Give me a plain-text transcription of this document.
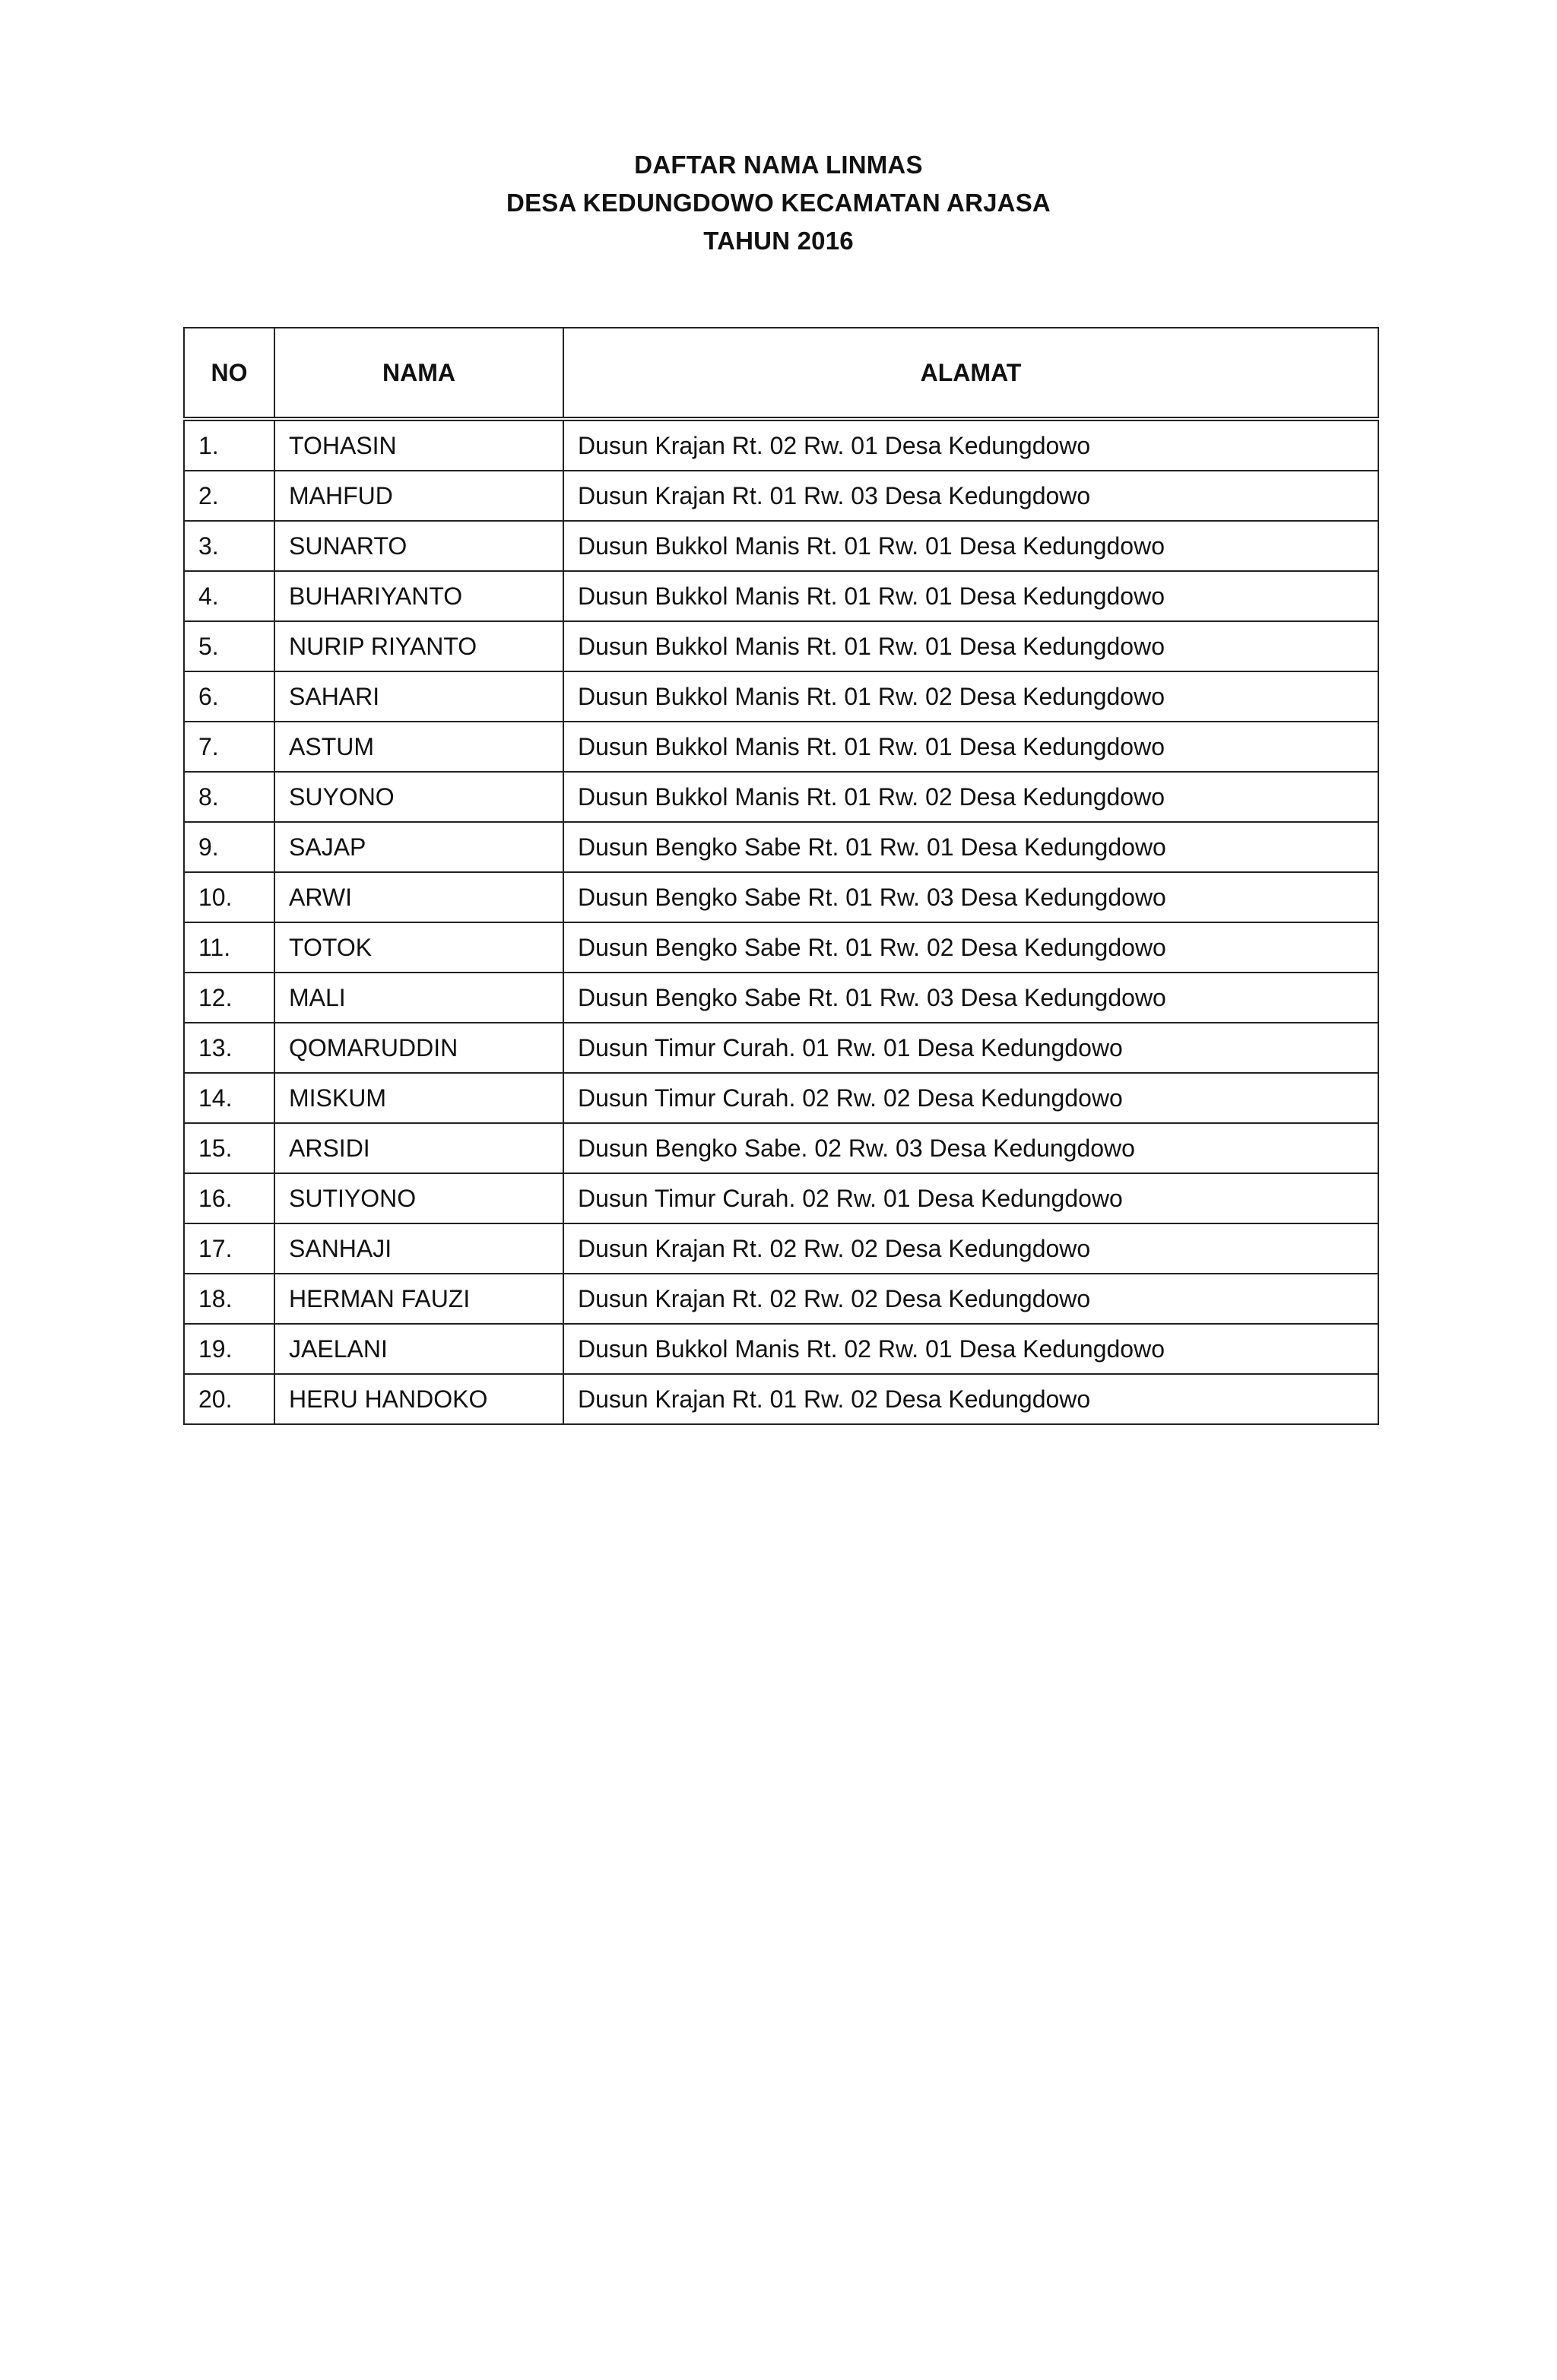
DAFTAR NAMA LINMAS
DESA KEDUNGDOWO KECAMATAN ARJASA
TAHUN 2016
NO	NAMA	ALAMAT
1.	TOHASIN	Dusun Krajan Rt. 02 Rw. 01 Desa Kedungdowo
2.	MAHFUD	Dusun Krajan Rt. 01 Rw. 03 Desa Kedungdowo
3.	SUNARTO	Dusun Bukkol Manis Rt. 01 Rw. 01 Desa Kedungdowo
4.	BUHARIYANTO	Dusun Bukkol Manis Rt. 01 Rw. 01 Desa Kedungdowo
5.	NURIP RIYANTO	Dusun Bukkol Manis Rt. 01 Rw. 01 Desa Kedungdowo
6.	SAHARI	Dusun Bukkol Manis Rt. 01 Rw. 02 Desa Kedungdowo
7.	ASTUM	Dusun Bukkol Manis Rt. 01 Rw. 01 Desa Kedungdowo
8.	SUYONO	Dusun Bukkol Manis Rt. 01 Rw. 02 Desa Kedungdowo
9.	SAJAP	Dusun Bengko Sabe Rt. 01 Rw. 01 Desa Kedungdowo
10.	ARWI	Dusun Bengko Sabe Rt. 01 Rw. 03 Desa Kedungdowo
11.	TOTOK	Dusun Bengko Sabe Rt. 01 Rw. 02 Desa Kedungdowo
12.	MALI	Dusun Bengko Sabe Rt. 01 Rw. 03 Desa Kedungdowo
13.	QOMARUDDIN	Dusun Timur Curah. 01 Rw. 01 Desa Kedungdowo
14.	MISKUM	Dusun Timur Curah. 02 Rw. 02 Desa Kedungdowo
15.	ARSIDI	Dusun Bengko Sabe. 02 Rw. 03 Desa Kedungdowo
16.	SUTIYONO	Dusun Timur Curah. 02 Rw. 01 Desa Kedungdowo
17.	SANHAJI	Dusun Krajan Rt. 02 Rw. 02 Desa Kedungdowo
18.	HERMAN FAUZI	Dusun Krajan Rt. 02 Rw. 02 Desa Kedungdowo
19.	JAELANI	Dusun Bukkol Manis Rt. 02 Rw. 01 Desa Kedungdowo
20.	HERU HANDOKO	Dusun Krajan Rt. 01 Rw. 02 Desa Kedungdowo
